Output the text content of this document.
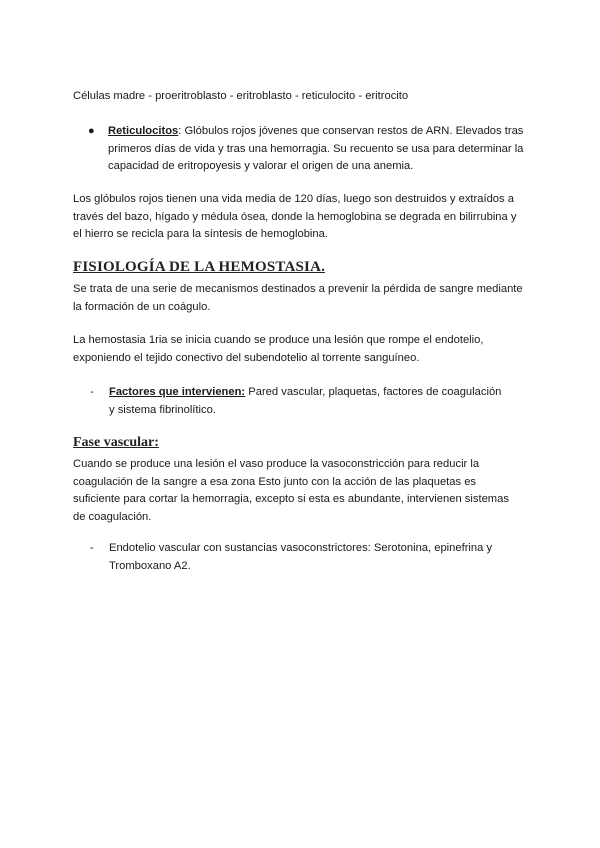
Células madre - proeritroblasto - eritroblasto - reticulocito - eritrocito

● Reticulocitos: Glóbulos rojos jóvenes que conservan restos de ARN. Elevados tras primeros días de vida y tras una hemorragia. Su recuento se usa para determinar la capacidad de eritropoyesis y valorar el origen de una anemia.

Los glóbulos rojos tienen una vida media de 120 días, luego son destruidos y extraídos a través del bazo, hígado y médula ósea, donde la hemoglobina se degrada en bilirrubina y el hierro se recicla para la síntesis de hemoglobina.

FISIOLOGÍA DE LA HEMOSTASIA.

Se trata de una serie de mecanismos destinados a prevenir la pérdida de sangre mediante la formación de un coágulo.

La hemostasia 1ria se inicia cuando se produce una lesión que rompe el endotelio, exponiendo el tejido conectivo del subendotelio al torrente sanguíneo.

- Factores que intervienen: Pared vascular, plaquetas, factores de coagulación y sistema fibrinolítico.

Fase vascular:

Cuando se produce una lesión el vaso produce la vasoconstricción para reducir la coagulación de la sangre a esa zona Esto junto con la acción de las plaquetas es suficiente para cortar la hemorragia, excepto si esta es abundante, intervienen sistemas de coagulación.

- Endotelio vascular con sustancias vasoconstrictores: Serotonina, epinefrina y Tromboxano A2.
